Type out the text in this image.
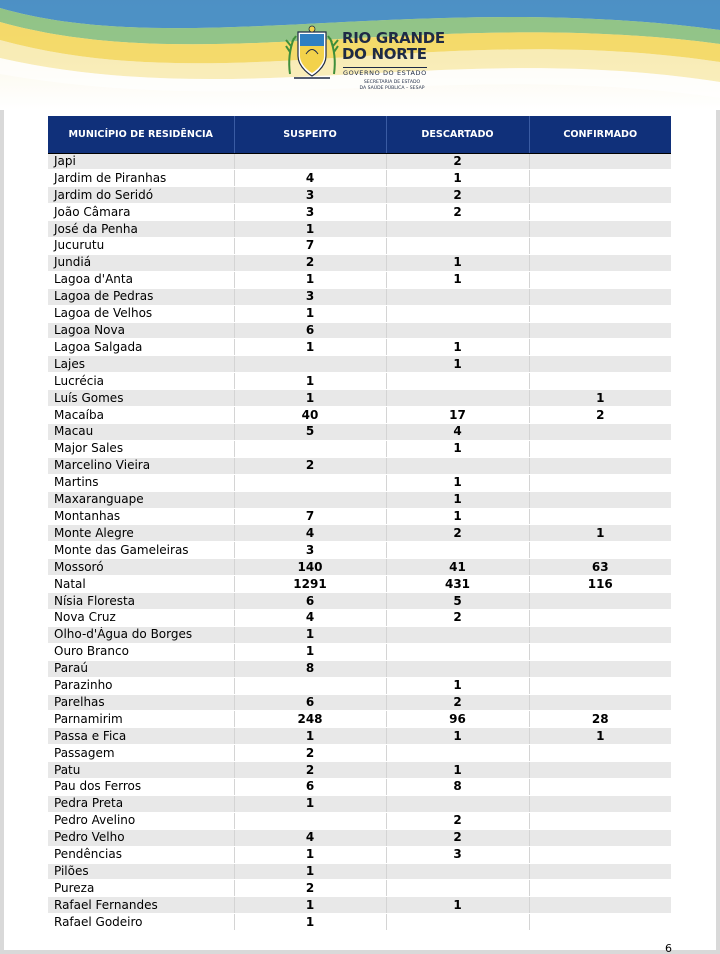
RIO GRANDE
DO NORTE
GOVERNO DO ESTADO
SECRETARIA DE ESTADO
DA SAÚDE PÚBLICA – SESAP
MUNICÍPIO DE RESIDÊNCIA	SUSPEITO	DESCARTADO	CONFIRMADO
Japi		2	
Jardim de Piranhas	4	1	
Jardim do Seridó	3	2	
João Câmara	3	2	
José da Penha	1		
Jucurutu	7		
Jundiá	2	1	
Lagoa d'Anta	1	1	
Lagoa de Pedras	3		
Lagoa de Velhos	1		
Lagoa Nova	6		
Lagoa Salgada	1	1	
Lajes		1	
Lucrécia	1		
Luís Gomes	1		1
Macaíba	40	17	2
Macau	5	4	
Major Sales		1	
Marcelino Vieira	2		
Martins		1	
Maxaranguape		1	
Montanhas	7	1	
Monte Alegre	4	2	1
Monte das Gameleiras	3		
Mossoró	140	41	63
Natal	1291	431	116
Nísia Floresta	6	5	
Nova Cruz	4	2	
Olho-d'Água do Borges	1		
Ouro Branco	1		
Paraú	8		
Parazinho		1	
Parelhas	6	2	
Parnamirim	248	96	28
Passa e Fica	1	1	1
Passagem	2		
Patu	2	1	
Pau dos Ferros	6	8	
Pedra Preta	1		
Pedro Avelino		2	
Pedro Velho	4	2	
Pendências	1	3	
Pilões	1		
Pureza	2		
Rafael Fernandes	1	1	
Rafael Godeiro	1		
6
